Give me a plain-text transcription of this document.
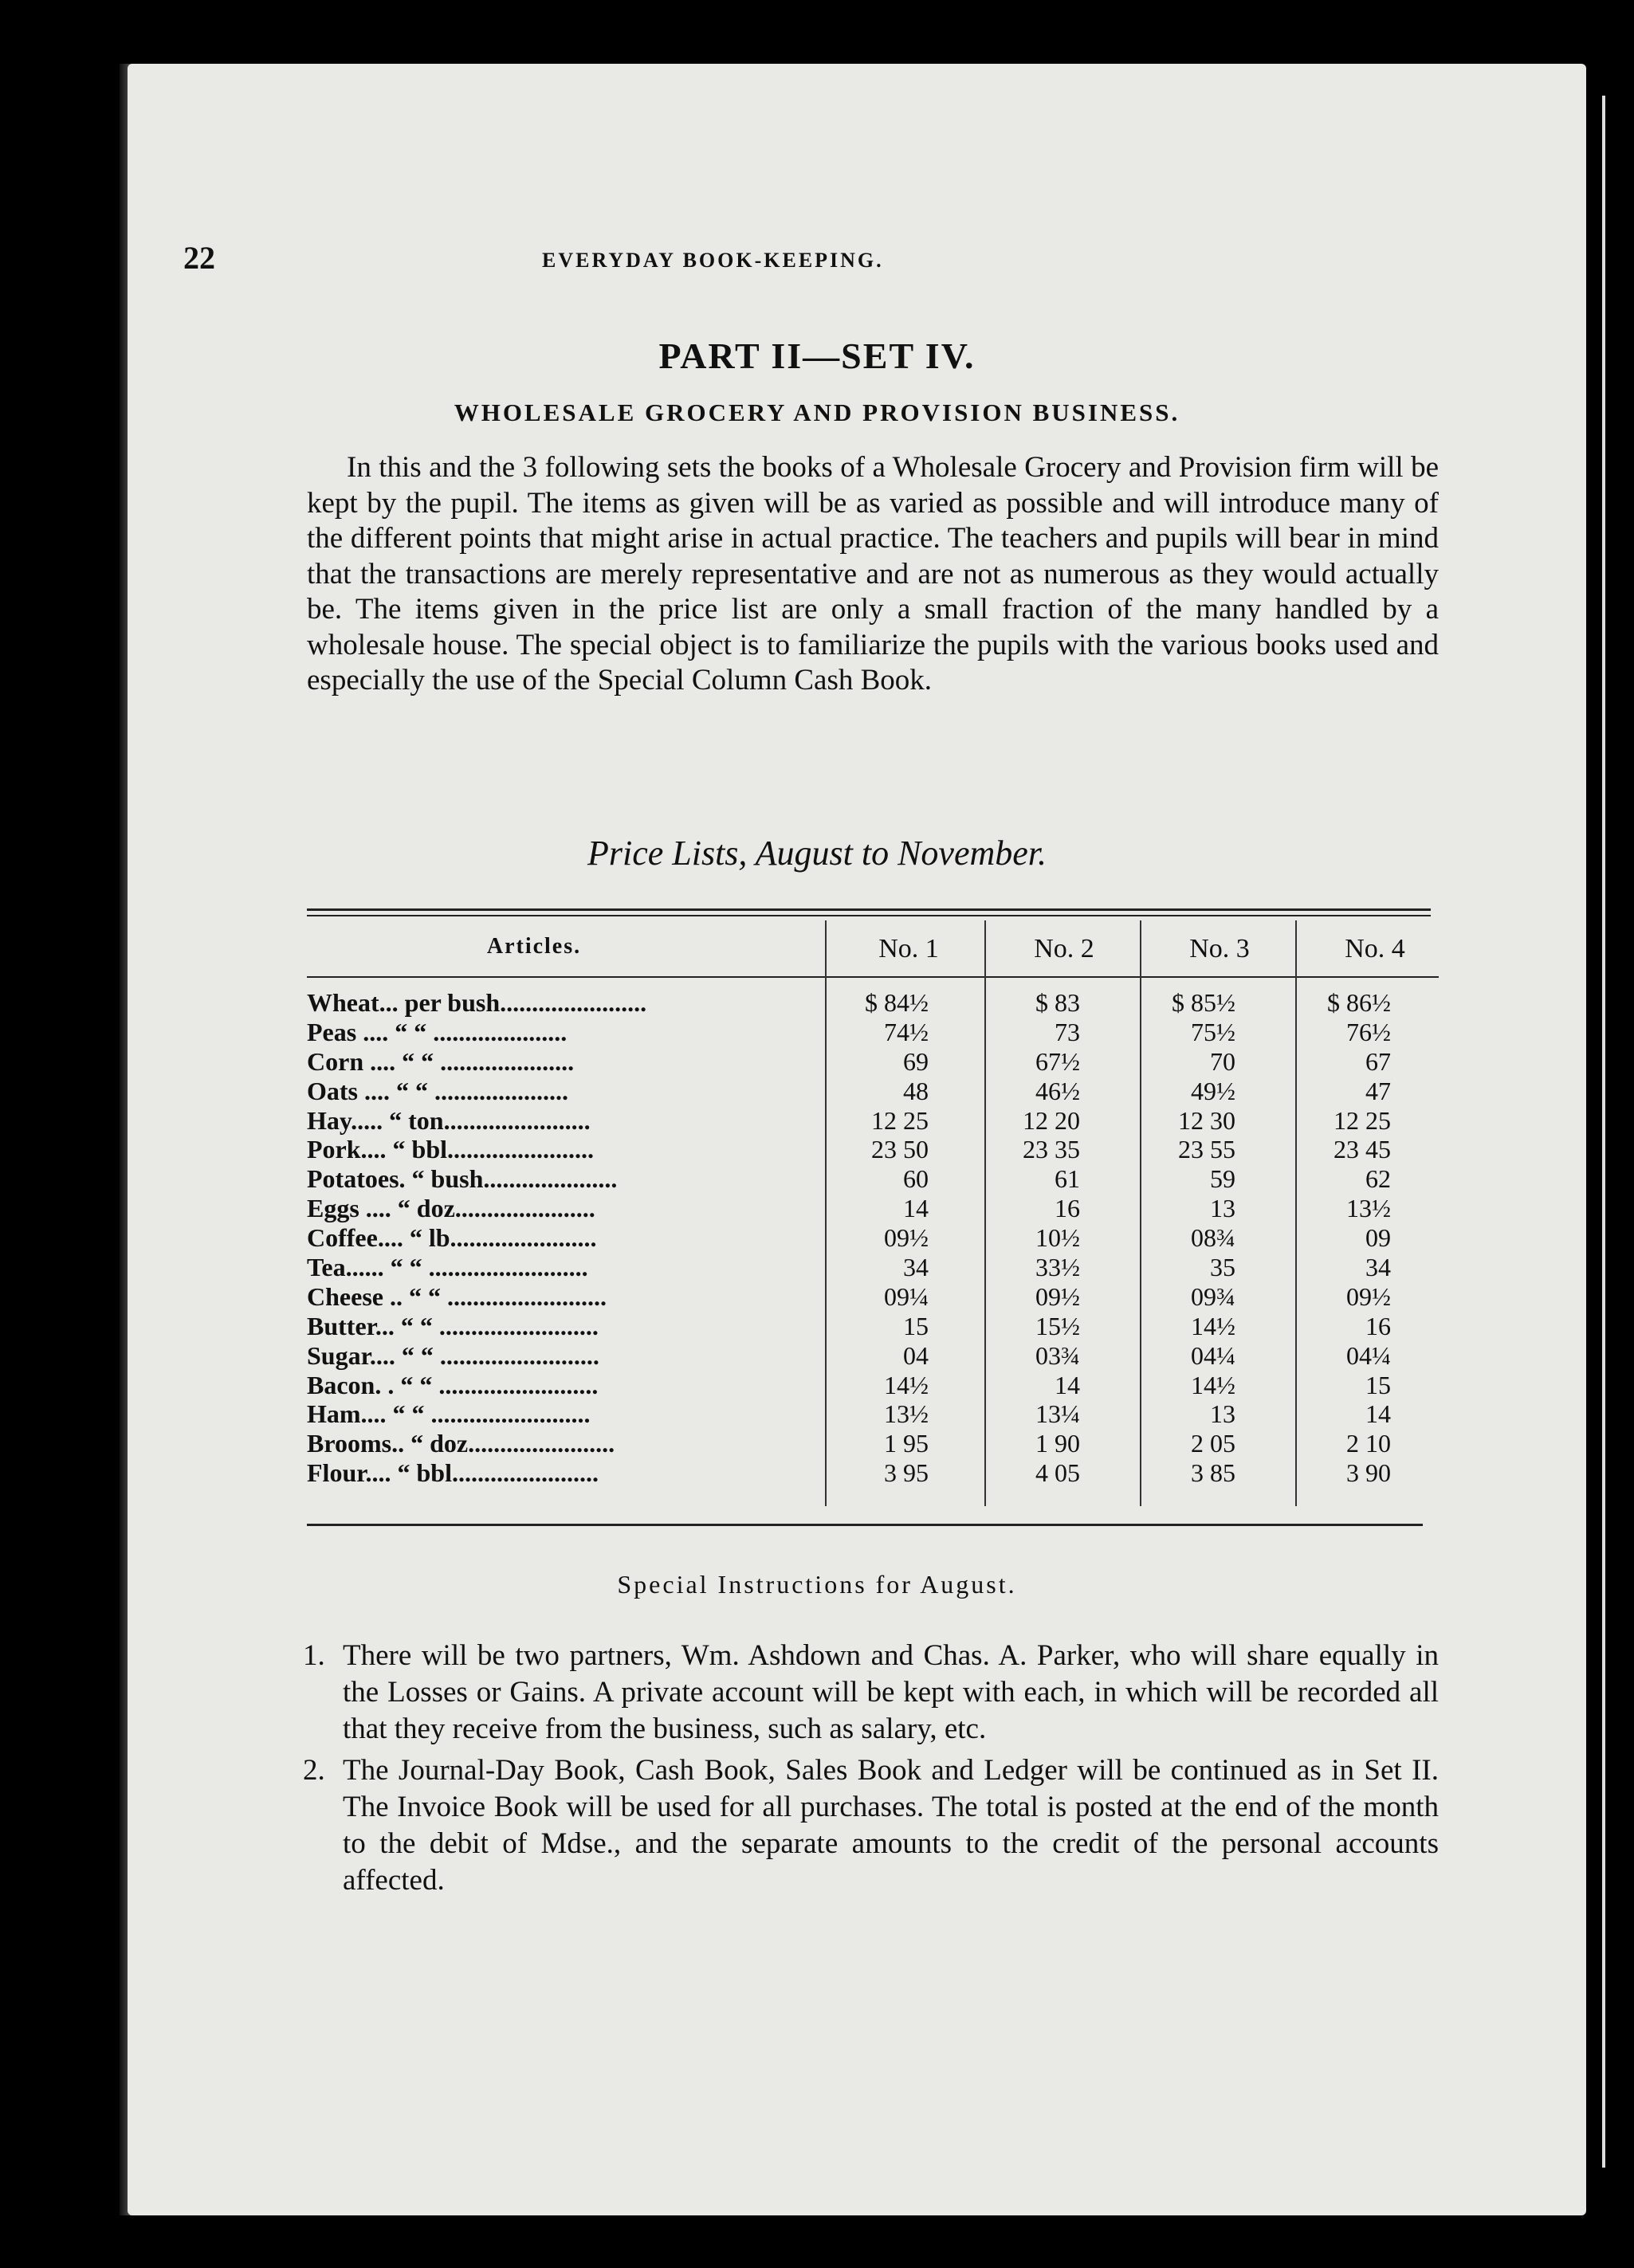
22	EVERYDAY BOOK-KEEPING.
PART II—SET IV.
WHOLESALE GROCERY AND PROVISION BUSINESS.
In this and the 3 following sets the books of a Wholesale Grocery and Provision firm will be kept by the pupil. The items as given will be as varied as possible and will introduce many of the different points that might arise in actual practice. The teachers and pupils will bear in mind that the transactions are merely representative and are not as numerous as they would actually be. The items given in the price list are only a small fraction of the many handled by a wholesale house. The special object is to familiarize the pupils with the various books used and especially the use of the Special Column Cash Book.
Price Lists, August to November.
Articles.	No. 1	No. 2	No. 3	No. 4
Wheat... per bush.......................	$ 84½	$ 83	$ 85½	$ 86½
Peas .... “ “ .....................	74½	73	75½	76½
Corn .... “ “ .....................	69	67½	70	67
Oats .... “ “ .....................	48	46½	49½	47
Hay..... “ ton.......................	12 25	12 20	12 30	12 25
Pork.... “ bbl.......................	23 50	23 35	23 55	23 45
Potatoes. “ bush.....................	60	61	59	62
Eggs .... “ doz......................	14	16	13	13½
Coffee.... “ lb.......................	09½	10½	08¾	09
Tea...... “ “ .........................	34	33½	35	34
Cheese .. “ “ .........................	09¼	09½	09¾	09½
Butter... “ “ .........................	15	15½	14½	16
Sugar.... “ “ .........................	04	03¾	04¼	04¼
Bacon. . “ “ .........................	14½	14	14½	15
Ham.... “ “ .........................	13½	13¼	13	14
Brooms.. “ doz.......................	1 95	1 90	2 05	2 10
Flour.... “ bbl.......................	3 95	4 05	3 85	3 90
Special Instructions for August.
1. There will be two partners, Wm. Ashdown and Chas. A. Parker, who will share equally in the Losses or Gains. A private account will be kept with each, in which will be recorded all that they receive from the business, such as salary, etc.
2. The Journal-Day Book, Cash Book, Sales Book and Ledger will be continued as in Set II. The Invoice Book will be used for all purchases. The total is posted at the end of the month to the debit of Mdse., and the separate amounts to the credit of the personal accounts affected.
